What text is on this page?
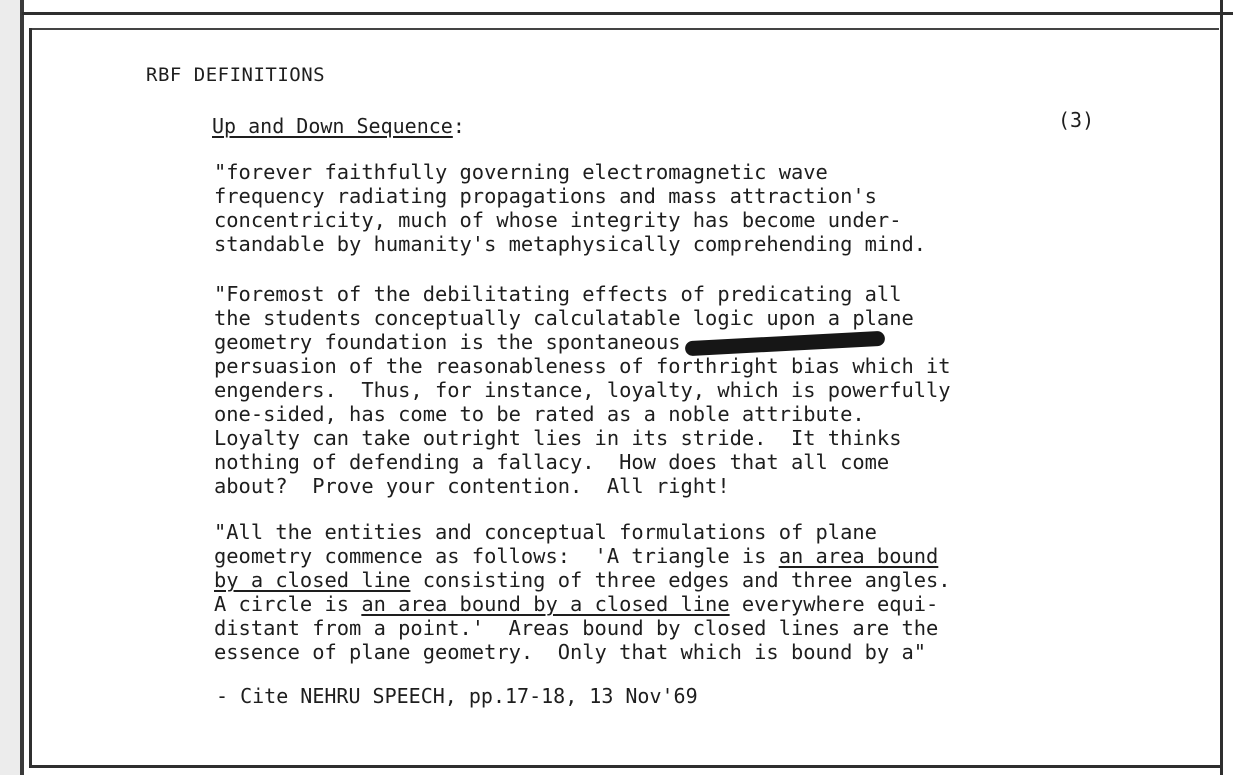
RBF DEFINITIONS
Up and Down Sequence:	(3)
"forever faithfully governing electromagnetic wave
frequency radiating propagations and mass attraction's
concentricity, much of whose integrity has become under-
standable by humanity's metaphysically comprehending mind.
"Foremost of the debilitating effects of predicating all
the students conceptually calculatable logic upon a plane
geometry foundation is the spontaneous
persuasion of the reasonableness of forthright bias which it
engenders.  Thus, for instance, loyalty, which is powerfully
one-sided, has come to be rated as a noble attribute.
Loyalty can take outright lies in its stride.  It thinks
nothing of defending a fallacy.  How does that all come
about?  Prove your contention.  All right!
"All the entities and conceptual formulations of plane
geometry commence as follows:  'A triangle is an area bound
by a closed line consisting of three edges and three angles.
A circle is an area bound by a closed line everywhere equi-
distant from a point.'  Areas bound by closed lines are the
essence of plane geometry.  Only that which is bound by a"
- Cite NEHRU SPEECH, pp.17-18, 13 Nov'69
